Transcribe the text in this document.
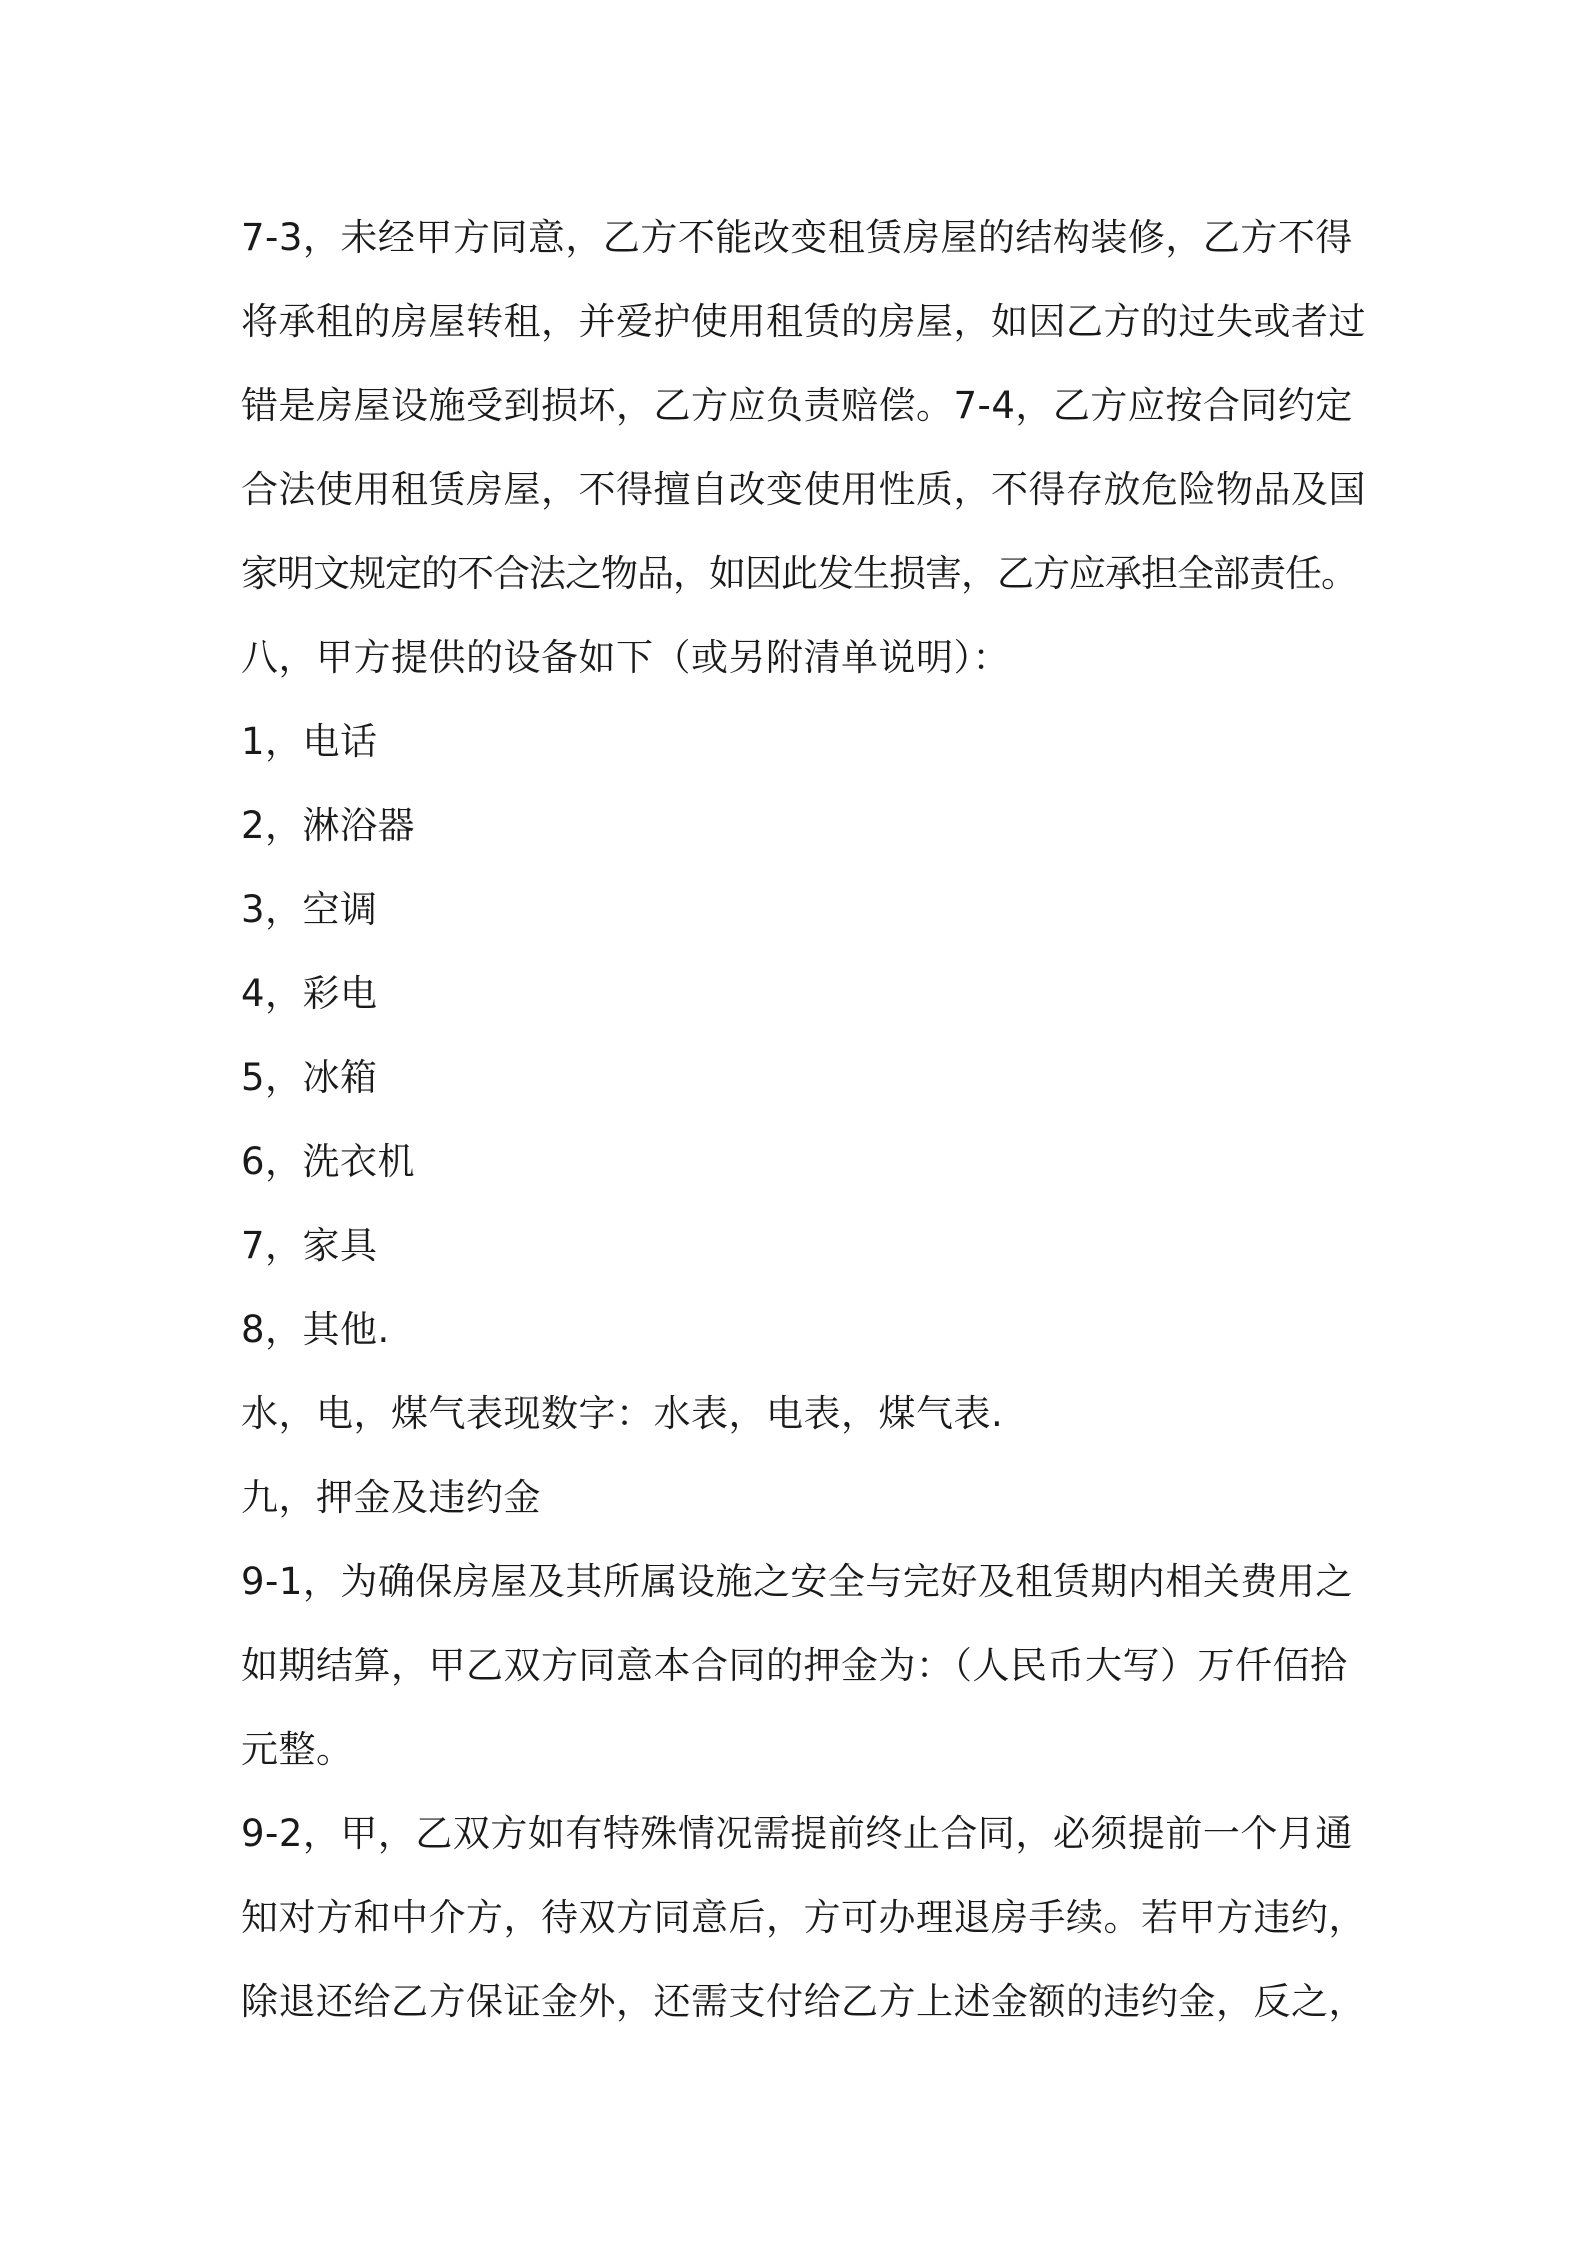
7-3，未经甲方同意，乙方不能改变租赁房屋的结构装修，乙方不得
将承租的房屋转租，并爱护使用租赁的房屋，如因乙方的过失或者过
错是房屋设施受到损坏，乙方应负责赔偿。7-4，乙方应按合同约定
合法使用租赁房屋，不得擅自改变使用性质，不得存放危险物品及国
家明文规定的不合法之物品，如因此发生损害，乙方应承担全部责任。
八，甲方提供的设备如下（或另附清单说明）：
1，电话
2，淋浴器
3，空调
4，彩电
5，冰箱
6，洗衣机
7，家具
8，其他.
水，电，煤气表现数字：水表，电表，煤气表.
九，押金及违约金
9-1，为确保房屋及其所属设施之安全与完好及租赁期内相关费用之
如期结算，甲乙双方同意本合同的押金为：（人民币大写）万仟佰拾
元整。
9-2，甲，乙双方如有特殊情况需提前终止合同，必须提前一个月通
知对方和中介方，待双方同意后，方可办理退房手续。若甲方违约，
除退还给乙方保证金外，还需支付给乙方上述金额的违约金，反之，
